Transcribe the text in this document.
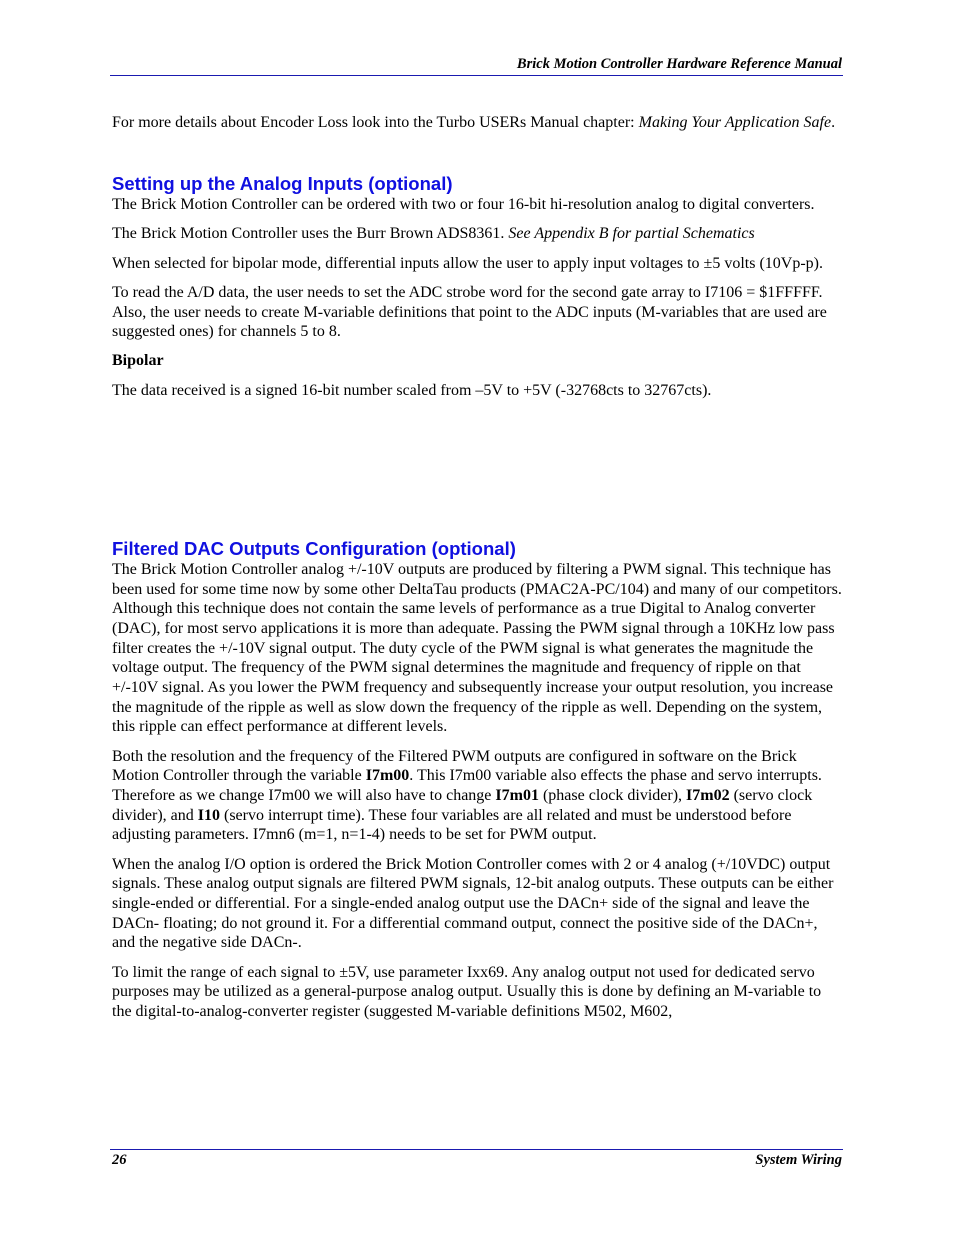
Brick Motion Controller Hardware Reference Manual

For more details about Encoder Loss look into the Turbo USERs Manual chapter: Making Your Application Safe.

Setting up the Analog Inputs (optional)

The Brick Motion Controller can be ordered with two or four 16-bit hi-resolution analog to digital converters.

The Brick Motion Controller uses the Burr Brown ADS8361. See Appendix B for partial Schematics

When selected for bipolar mode, differential inputs allow the user to apply input voltages to ±5 volts (10Vp-p).

To read the A/D data, the user needs to set the ADC strobe word for the second gate array to I7106 = $1FFFFF. Also, the user needs to create M-variable definitions that point to the ADC inputs (M-variables that are used are suggested ones) for channels 5 to 8.

Bipolar

The data received is a signed 16-bit number scaled from –5V to +5V (-32768cts to 32767cts).

Filtered DAC Outputs Configuration (optional)

The Brick Motion Controller analog +/-10V outputs are produced by filtering a PWM signal. This technique has been used for some time now by some other DeltaTau products (PMAC2A-PC/104) and many of our competitors. Although this technique does not contain the same levels of performance as a true Digital to Analog converter (DAC), for most servo applications it is more than adequate. Passing the PWM signal through a 10KHz low pass filter creates the +/-10V signal output. The duty cycle of the PWM signal is what generates the magnitude the voltage output. The frequency of the PWM signal determines the magnitude and frequency of ripple on that +/-10V signal. As you lower the PWM frequency and subsequently increase your output resolution, you increase the magnitude of the ripple as well as slow down the frequency of the ripple as well. Depending on the system, this ripple can effect performance at different levels.

Both the resolution and the frequency of the Filtered PWM outputs are configured in software on the Brick Motion Controller through the variable I7m00. This I7m00 variable also effects the phase and servo interrupts. Therefore as we change I7m00 we will also have to change I7m01 (phase clock divider), I7m02 (servo clock divider), and I10 (servo interrupt time). These four variables are all related and must be understood before adjusting parameters. I7mn6 (m=1, n=1-4) needs to be set for PWM output.

When the analog I/O option is ordered the Brick Motion Controller comes with 2 or 4 analog (+/10VDC) output signals. These analog output signals are filtered PWM signals, 12-bit analog outputs. These outputs can be either single-ended or differential. For a single-ended analog output use the DACn+ side of the signal and leave the DACn- floating; do not ground it. For a differential command output, connect the positive side of the DACn+, and the negative side DACn-.

To limit the range of each signal to ±5V, use parameter Ixx69. Any analog output not used for dedicated servo purposes may be utilized as a general-purpose analog output. Usually this is done by defining an M-variable to the digital-to-analog-converter register (suggested M-variable definitions M502, M602,

26	System Wiring
